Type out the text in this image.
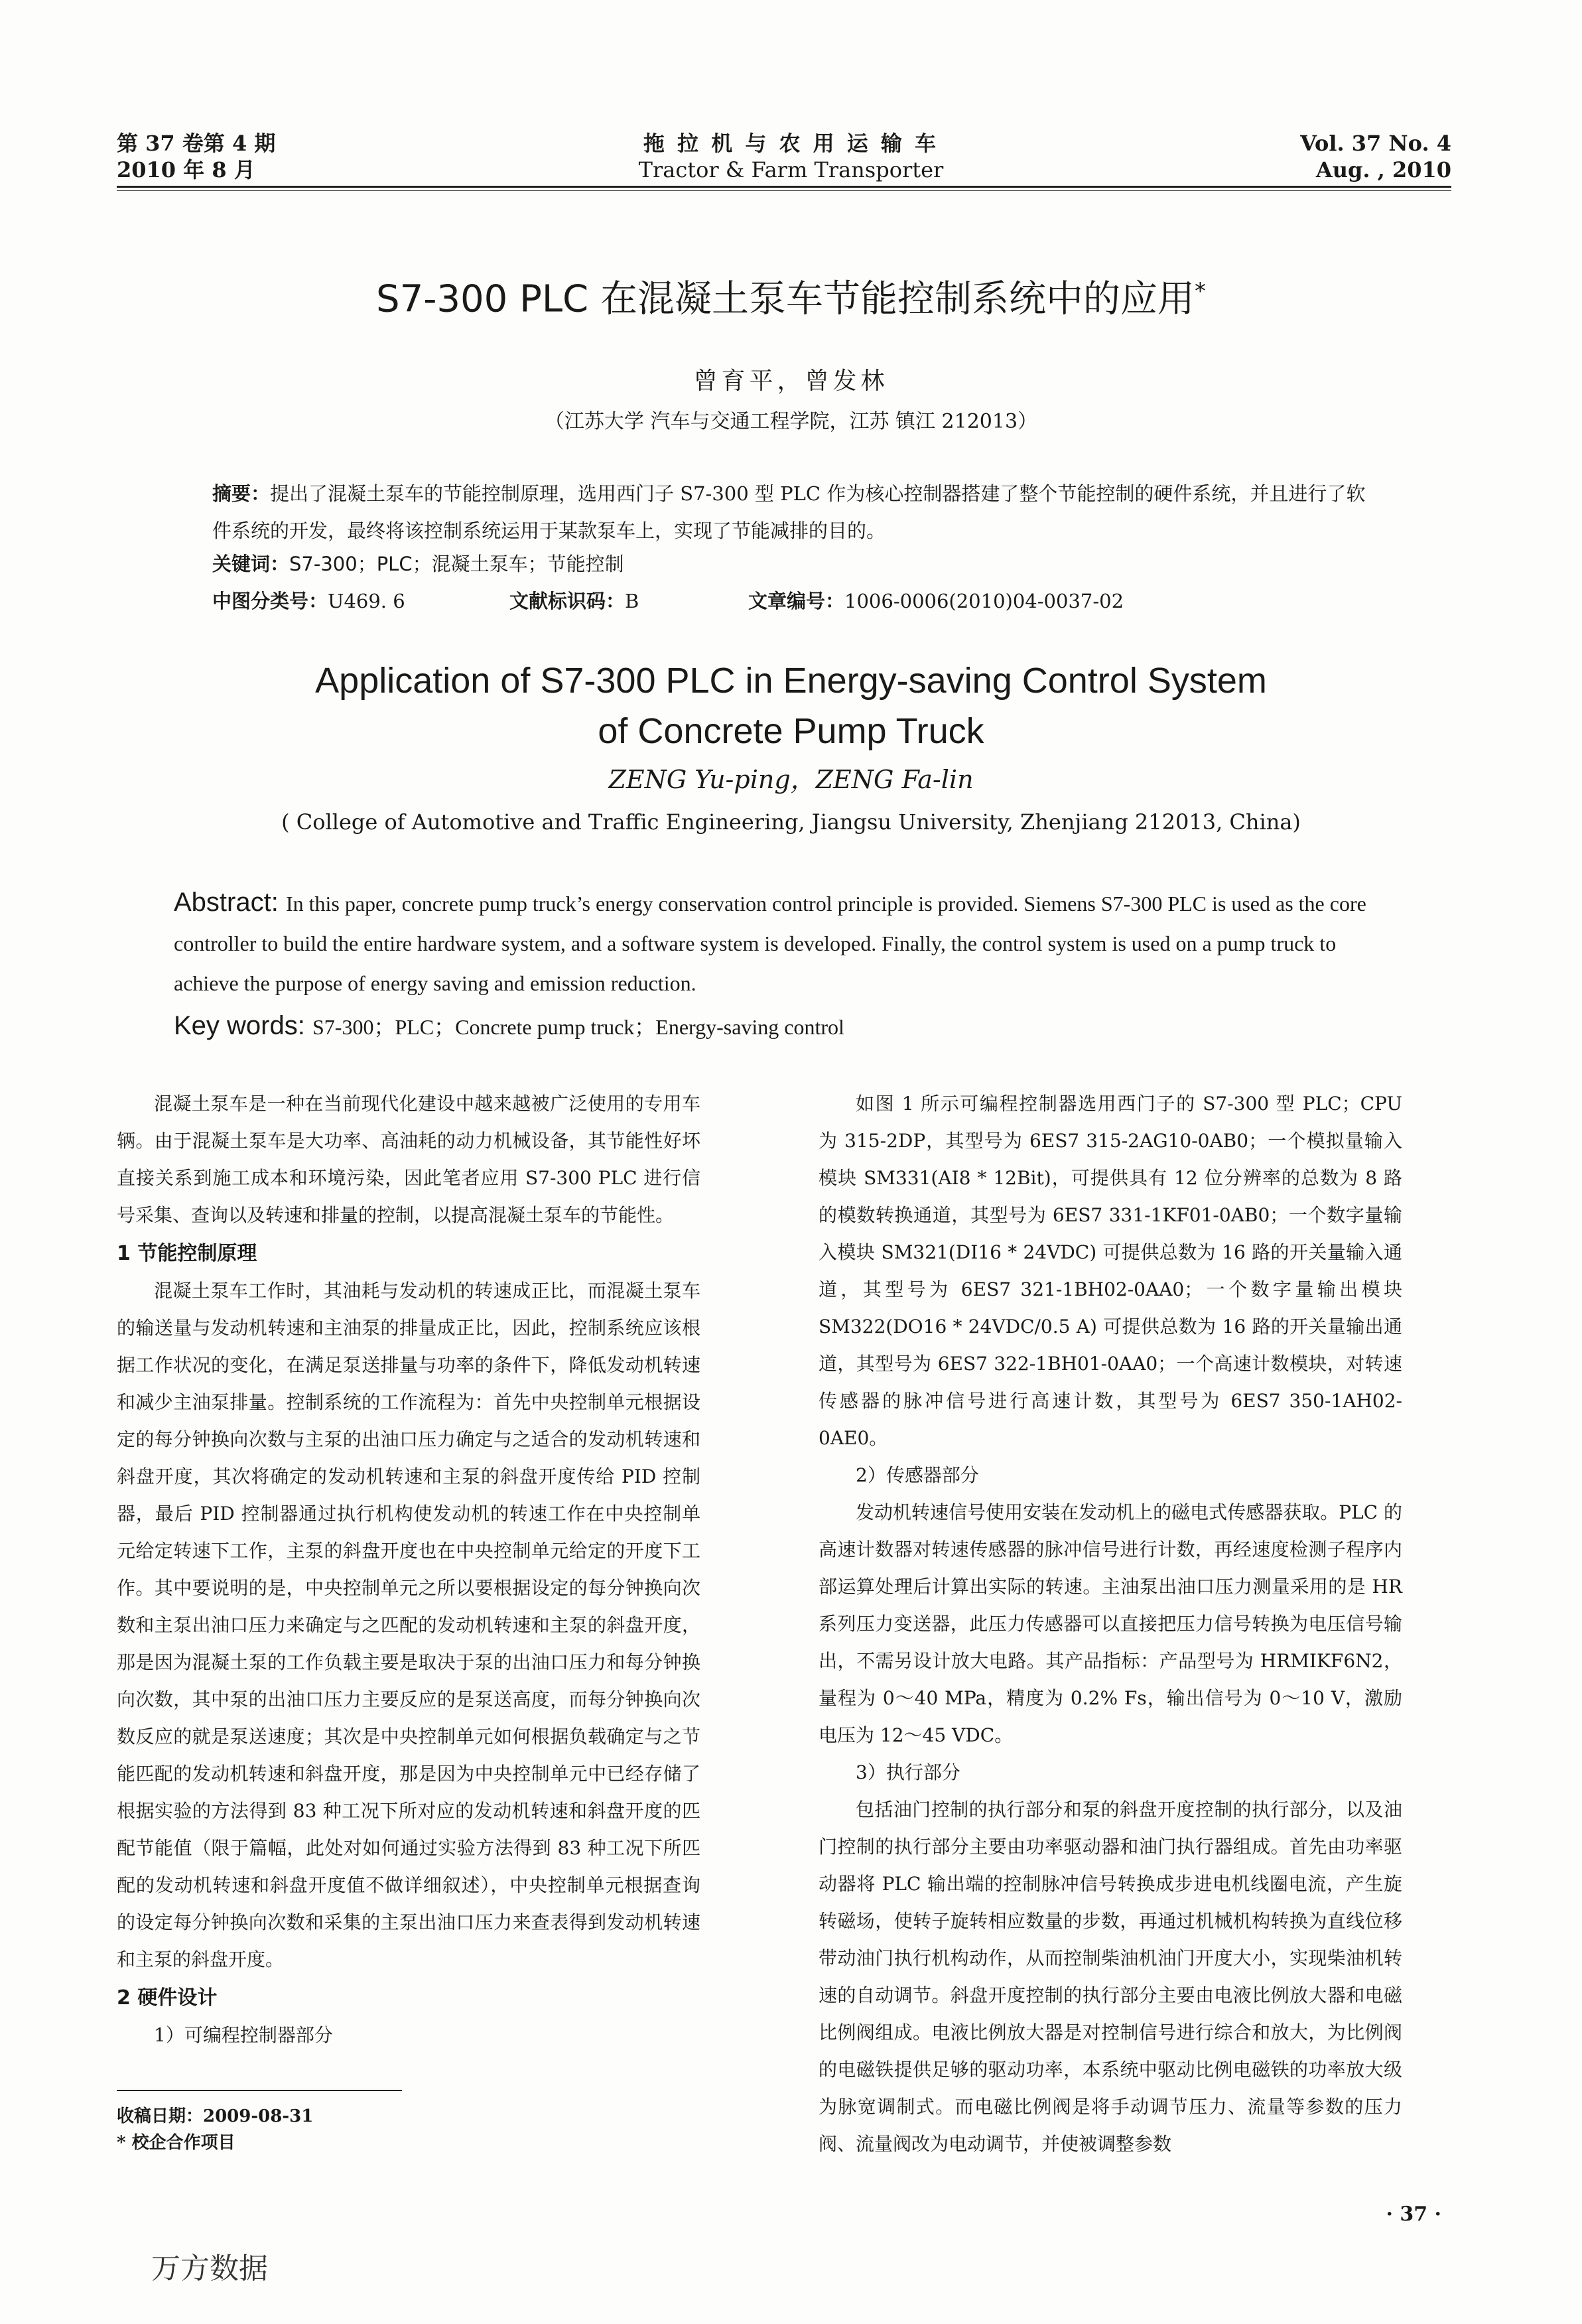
第 37 卷第 4 期
2010 年 8 月
拖 拉 机 与 农 用 运 输 车
Tractor & Farm Transporter
Vol. 37 No. 4
Aug. , 2010
S7-300 PLC 在混凝土泵车节能控制系统中的应用*
曾育平，曾发林
（江苏大学 汽车与交通工程学院，江苏 镇江 212013）
摘要：提出了混凝土泵车的节能控制原理，选用西门子 S7-300 型 PLC 作为核心控制器搭建了整个节能控制的硬件系统，并且进行了软件系统的开发，最终将该控制系统运用于某款泵车上，实现了节能减排的目的。
关键词：S7-300；PLC；混凝土泵车；节能控制
中图分类号：U469. 6	文献标识码：B	文章编号：1006-0006(2010)04-0037-02
Application of S7-300 PLC in Energy-saving Control System
of Concrete Pump Truck
ZENG Yu-ping，ZENG Fa-lin
( College of Automotive and Traffic Engineering, Jiangsu University, Zhenjiang 212013, China)
Abstract: In this paper, concrete pump truck’s energy conservation control principle is provided. Siemens S7-300 PLC is used as the core controller to build the entire hardware system, and a software system is developed. Finally, the control system is used on a pump truck to achieve the purpose of energy saving and emission reduction.
Key words: S7-300；PLC；Concrete pump truck；Energy-saving control

混凝土泵车是一种在当前现代化建设中越来越被广泛使用的专用车辆。由于混凝土泵车是大功率、高油耗的动力机械设备，其节能性好坏直接关系到施工成本和环境污染，因此笔者应用 S7-300 PLC 进行信号采集、查询以及转速和排量的控制，以提高混凝土泵车的节能性。

1 节能控制原理

混凝土泵车工作时，其油耗与发动机的转速成正比，而混凝土泵车的输送量与发动机转速和主油泵的排量成正比，因此，控制系统应该根据工作状况的变化，在满足泵送排量与功率的条件下，降低发动机转速和减少主油泵排量。控制系统的工作流程为：首先中央控制单元根据设定的每分钟换向次数与主泵的出油口压力确定与之适合的发动机转速和斜盘开度，其次将确定的发动机转速和主泵的斜盘开度传给 PID 控制器，最后 PID 控制器通过执行机构使发动机的转速工作在中央控制单元给定转速下工作，主泵的斜盘开度也在中央控制单元给定的开度下工作。其中要说明的是，中央控制单元之所以要根据设定的每分钟换向次数和主泵出油口压力来确定与之匹配的发动机转速和主泵的斜盘开度，那是因为混凝土泵的工作负载主要是取决于泵的出油口压力和每分钟换向次数，其中泵的出油口压力主要反应的是泵送高度，而每分钟换向次数反应的就是泵送速度；其次是中央控制单元如何根据负载确定与之节能匹配的发动机转速和斜盘开度，那是因为中央控制单元中已经存储了根据实验的方法得到 83 种工况下所对应的发动机转速和斜盘开度的匹配节能值（限于篇幅，此处对如何通过实验方法得到 83 种工况下所匹配的发动机转速和斜盘开度值不做详细叙述），中央控制单元根据查询的设定每分钟换向次数和采集的主泵出油口压力来查表得到发动机转速和主泵的斜盘开度。

2 硬件设计

1）可编程控制器部分

如图 1 所示可编程控制器选用西门子的 S7-300 型 PLC；CPU 为 315-2DP，其型号为 6ES7 315-2AG10-0AB0；一个模拟量输入模块 SM331(AI8 * 12Bit)，可提供具有 12 位分辨率的总数为 8 路的模数转换通道，其型号为 6ES7 331-1KF01-0AB0；一个数字量输入模块 SM321(DI16 * 24VDC) 可提供总数为 16 路的开关量输入通道，其型号为 6ES7 321-1BH02-0AA0；一个数字量输出模块 SM322(DO16 * 24VDC/0.5 A) 可提供总数为 16 路的开关量输出通道，其型号为 6ES7 322-1BH01-0AA0；一个高速计数模块，对转速传感器的脉冲信号进行高速计数，其型号为 6ES7 350-1AH02-0AE0。

2）传感器部分

发动机转速信号使用安装在发动机上的磁电式传感器获取。PLC 的高速计数器对转速传感器的脉冲信号进行计数，再经速度检测子程序内部运算处理后计算出实际的转速。主油泵出油口压力测量采用的是 HR 系列压力变送器，此压力传感器可以直接把压力信号转换为电压信号输出，不需另设计放大电路。其产品指标：产品型号为 HRMIKF6N2，量程为 0～40 MPa，精度为 0.2% Fs，输出信号为 0～10 V，激励电压为 12～45 VDC。

3）执行部分

包括油门控制的执行部分和泵的斜盘开度控制的执行部分，以及油门控制的执行部分主要由功率驱动器和油门执行器组成。首先由功率驱动器将 PLC 输出端的控制脉冲信号转换成步进电机线圈电流，产生旋转磁场，使转子旋转相应数量的步数，再通过机械机构转换为直线位移带动油门执行机构动作，从而控制柴油机油门开度大小，实现柴油机转速的自动调节。斜盘开度控制的执行部分主要由电液比例放大器和电磁比例阀组成。电液比例放大器是对控制信号进行综合和放大，为比例阀的电磁铁提供足够的驱动功率，本系统中驱动比例电磁铁的功率放大级为脉宽调制式。而电磁比例阀是将手动调节压力、流量等参数的压力阀、流量阀改为电动调节，并使被调整参数

收稿日期：2009-08-31
* 校企合作项目
· 37 ·
万方数据
